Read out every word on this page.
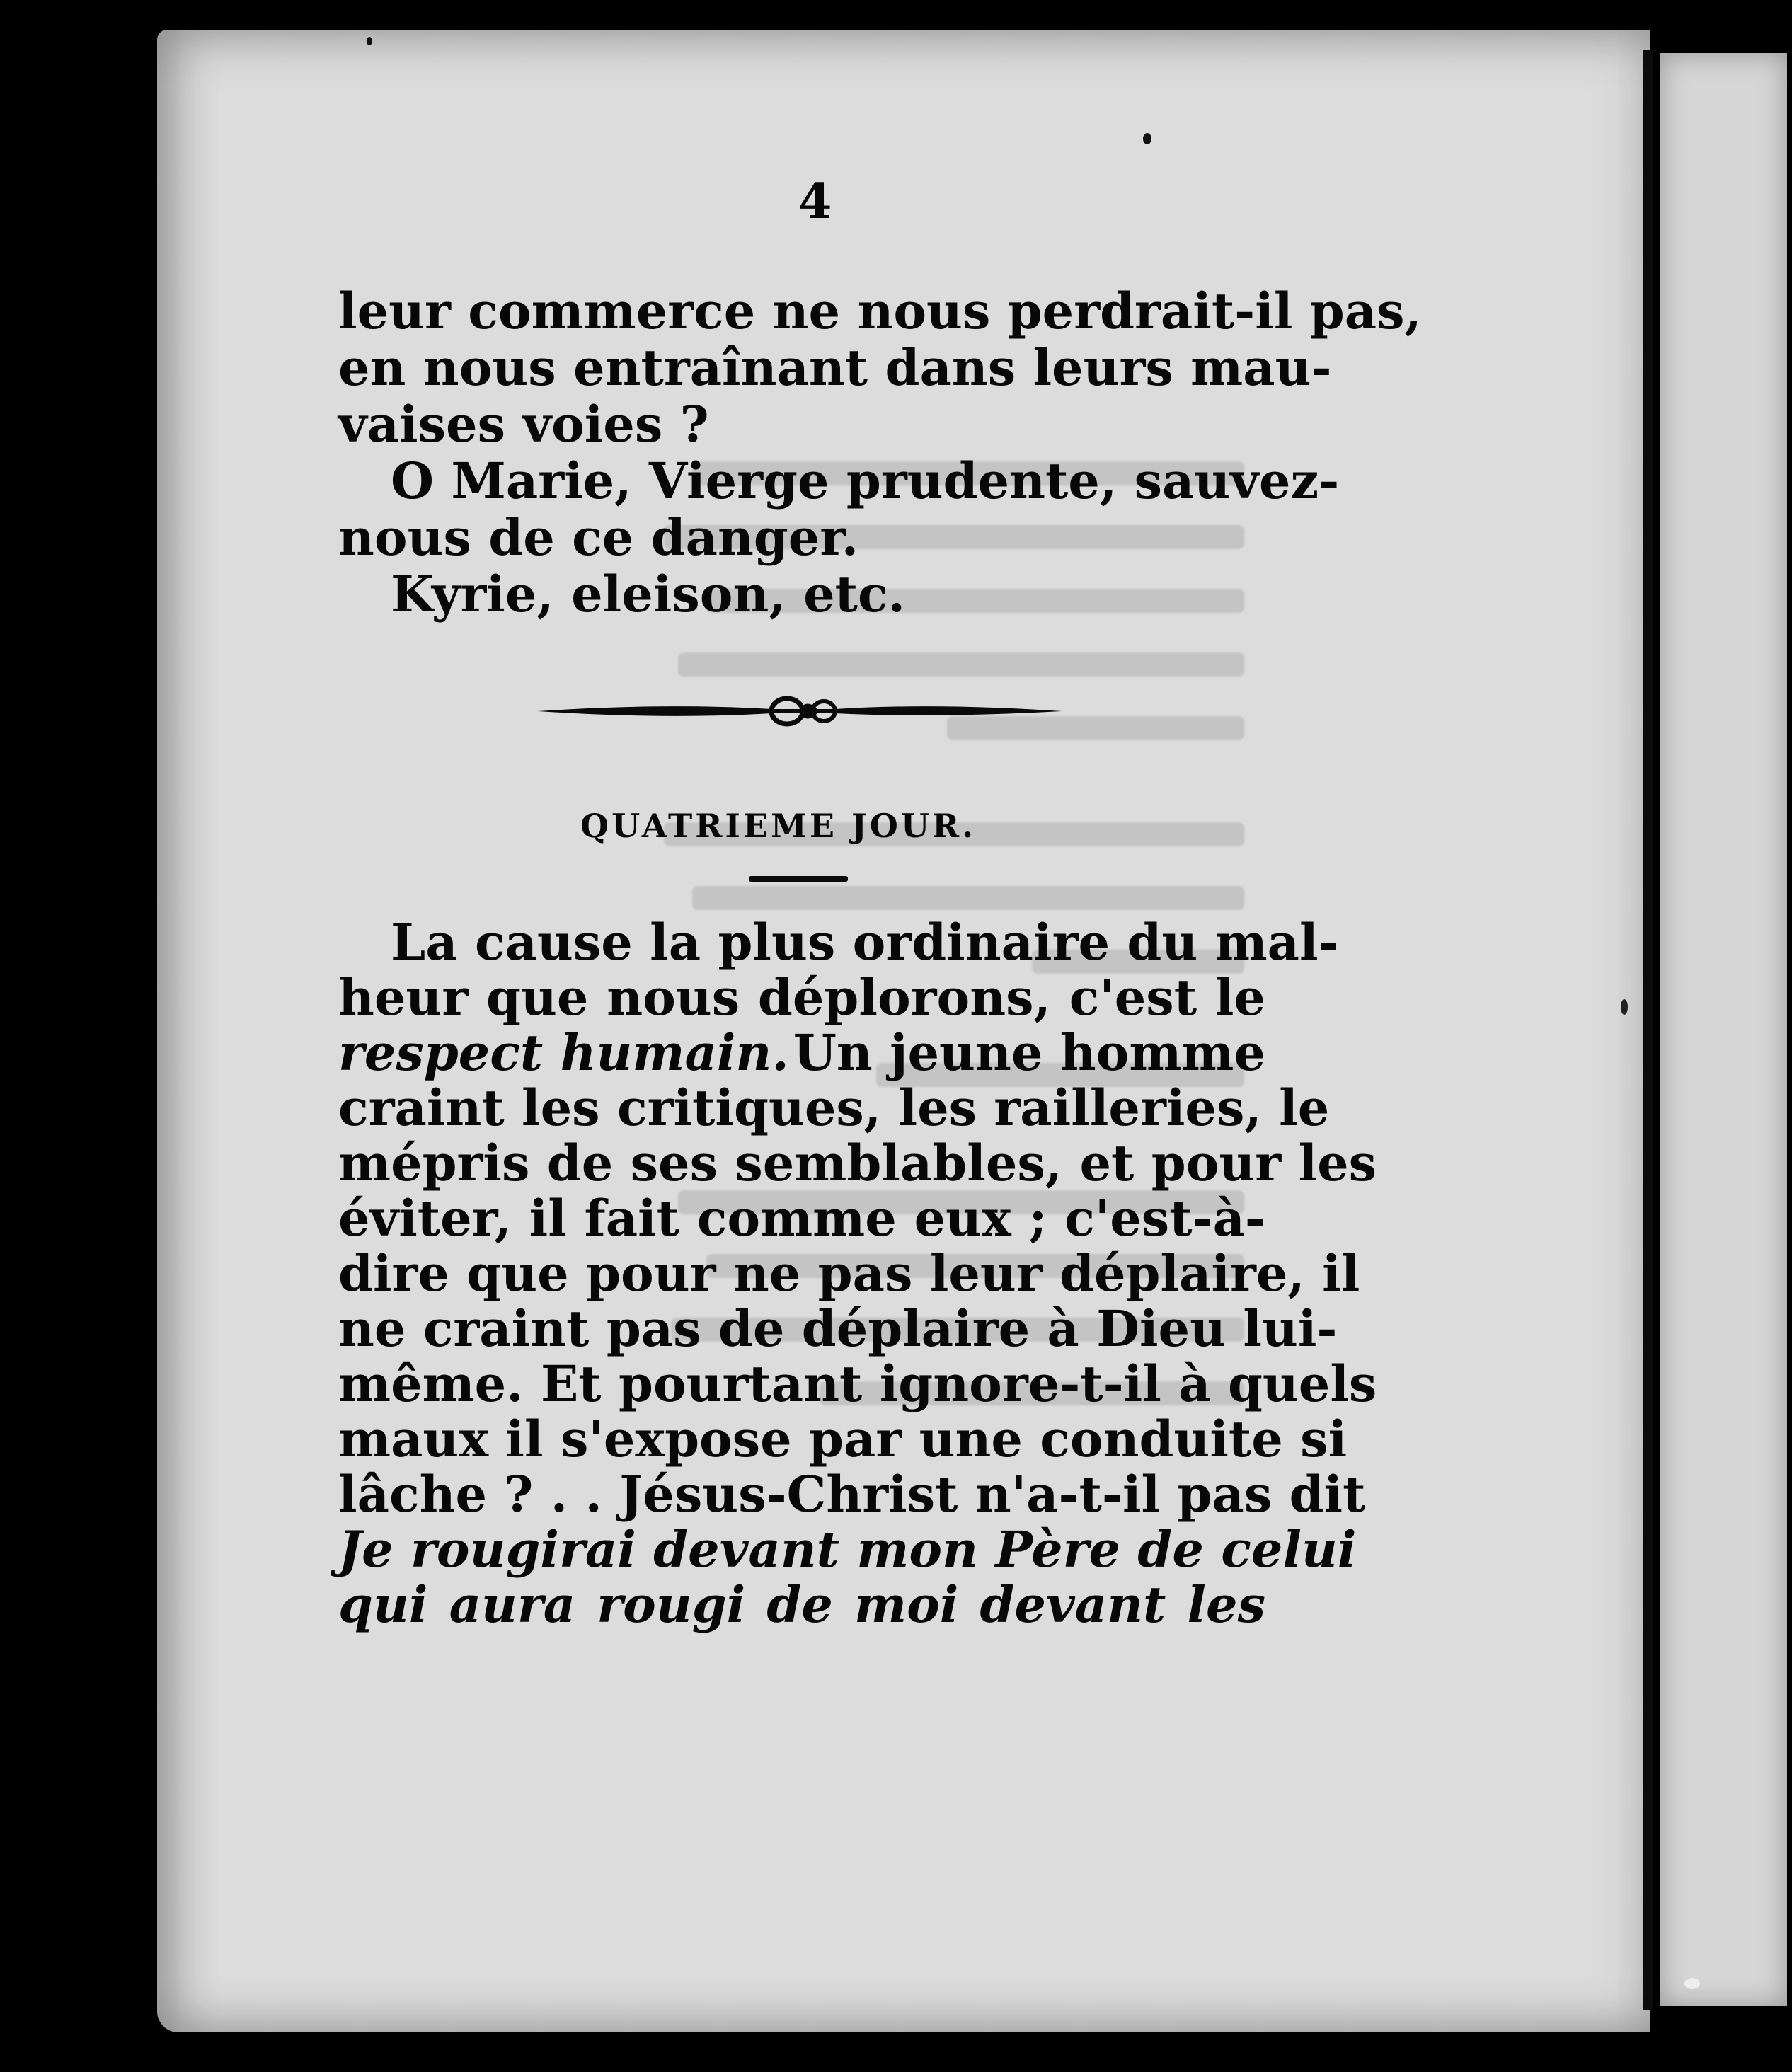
4
leur commerce ne nous perdrait-il pas,
en nous entraînant dans leurs mau-
vaises voies ?
O Marie, Vierge prudente, sauvez-
nous de ce danger.
Kyrie, eleison, etc.
QUATRIEME JOUR.
La cause la plus ordinaire du mal-
heur que nous déplorons, c'est le
respect humain. Un jeune homme
craint les critiques, les railleries, le
mépris de ses semblables, et pour les
éviter, il fait comme eux ; c'est-à-
dire que pour ne pas leur déplaire, il
ne craint pas de déplaire à Dieu lui-
même. Et pourtant ignore-t-il à quels
maux il s'expose par une conduite si
lâche ? . . Jésus-Christ n'a-t-il pas dit
Je rougirai devant mon Père de celui
qui aura rougi de moi devant les
